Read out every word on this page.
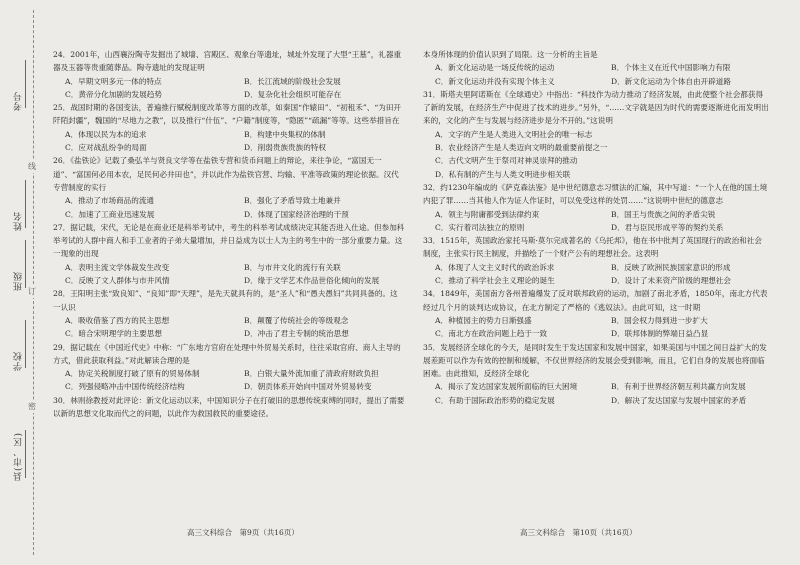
考号
姓名
班级
学校
县(市、区)
线
订
密
24．2001年，山西襄汾陶寺发掘出了城墙、宫殿区、观象台等遗址，城址外发现了大型“王墓”，礼器重器及玉器等贵重随葬品。陶寺遗址的发现证明
A．早期文明多元一体的特点	B．长江流域的阶级社会发展
C．黄帝分化加剧的发展趋势	D．复杂化社会组织可能存在
25．战国时期的各国变法，普遍推行赋税制度改革等方面的改革，如秦国“作辕田”、“初租禾”、“为田开阡陌封疆”，魏国的“尽地力之教”，以及推行“什伍”、“户籍”制度等，“隐匿”“疏漏”等等。这些举措旨在
A．体现以民为本的追求	B．构建中央集权的体制
C．应对战乱纷争的局面	D．削弱贵族贵族的特权
26．《盐铁论》记载了桑弘羊与贤良文学等在盐铁专营和货币问题上的辩论，来往争论，“富国无一道”、“富国何必用本农，足民何必井田也”，并以此作为盐铁官营、均输、平准等政策的理论依据。汉代专营制度的实行
A．推动了市场商品的流通	B．强化了矛盾导致土地兼并
C．加速了工商业迅速发展	D．体现了国家经济治理的干预
27．据记载，宋代，无论是在商业还是科举考试中，考生的科举考试成绩决定其能否进入仕途。但参加科举考试的人群中商人和手工业者的子弟大量增加，并日益成为以士人为主的考生中的一部分重要力量。这一现象的出现
A．表明主流文学体裁发生改变	B．与市井文化的流行有关联
C．反映了文人群体与市井风情	D．缘于文学艺术作品世俗化倾向的发展
28．王阳明主张“致良知”、“良知”即“天理”，是先天就具有的，是“圣人”和“愚夫愚妇”共同具备的。这一认识
A．吸收借鉴了西方的民主思想	B．颠覆了传统社会的等级观念
C．暗合宋明理学的主要思想	D．冲击了君主专制的统治思想
29．据记载在《中国近代史》中称：“广东地方官府在处理中外贸易关系时，往往采取官府、商人主导的方式，借此获取利益。”对此解读合理的是
A．协定关税制度打破了原有的贸易体制	B．白银大量外流加重了清政府财政负担
C．列强侵略冲击中国传统经济结构	D．朝贡体系开始向中国对外贸易转变
30．林则徐教授对此评论：新文化运动以来，中国知识分子在打破旧的思想传统束缚的同时，提出了需要以新的思想文化取而代之的问题，以此作为救国救民的重要途径。
本身所体现的价值认识到了局限。这一分析的主旨是
A．新文化运动是一场反传统的运动	B．个体主义在近代中国影响力有限
C．新文化运动并没有实现个体主义	D．新文化运动为个体自由开辟道路
31．斯塔夫里阿诺斯在《全球通史》中指出：“科技作为动力推动了经济发展，由此使整个社会都获得了新的发展，在经济生产中促进了技术的进步。”另外，“……文字就是因为时代的需要逐渐进化而发明出来的，文化的产生与发展与经济进步是分不开的。”这说明
A．文字的产生是人类进入文明社会的唯一标志
B．农业经济产生是人类迈向文明的最重要前提之一
C．古代文明产生于祭司对神灵崇拜的推动
D．私有制的产生与人类文明进步相关联
32．约1230年编成的《萨克森法鉴》是中世纪德意志习惯法的汇编，其中写道：“一个人在他的国土境内犯了罪……当其他人作为证人作证时，可以免受这样的处罚……”这说明中世纪的德意志
A．领主与附庸都受到法律约束	B．国王与贵族之间的矛盾尖锐
C．实行着司法独立的原则	D．君与臣民形成平等的契约关系
33．1515年，英国政治家托马斯·莫尔完成著名的《乌托邦》，他在书中批判了英国现行的政治和社会制度，主张实行民主制度，并描绘了一个财产公有的理想社会。这表明
A．体现了人文主义时代的政治诉求	B．反映了欧洲民族国家意识的形成
C．推动了科学社会主义理论的诞生	D．设计了未来资产阶级的理想社会
34．1849年，美国南方各州普遍爆发了反对联邦政府的运动，加剧了南北矛盾，1850年，南北方代表经过几个月的谈判达成协议，在北方制定了严格的《逃奴法》。由此可知，这一时期
A．种植园主的势力日渐强盛	B．国会权力得到进一步扩大
C．南北方在政治问题上趋于一致	D．联邦体制的弊端日益凸显
35．发展经济全球化的今天，是同时发生于发达国家和发展中国家，如果美国与中国之间日益扩大的发展差距可以作为有效的控制和缓解，不仅世界经济的发展会受到影响，而且，它们自身的发展也将面临困难。由此推知，反经济全球化
A．揭示了发达国家发展所面临的巨大困境	B．有利于世界经济朝互利共赢方向发展
C．有助于国际政治形势的稳定发展	D．解决了发达国家与发展中国家的矛盾
高三文科综合　第9页（共16页）	高三文科综合　第10页（共16页）
